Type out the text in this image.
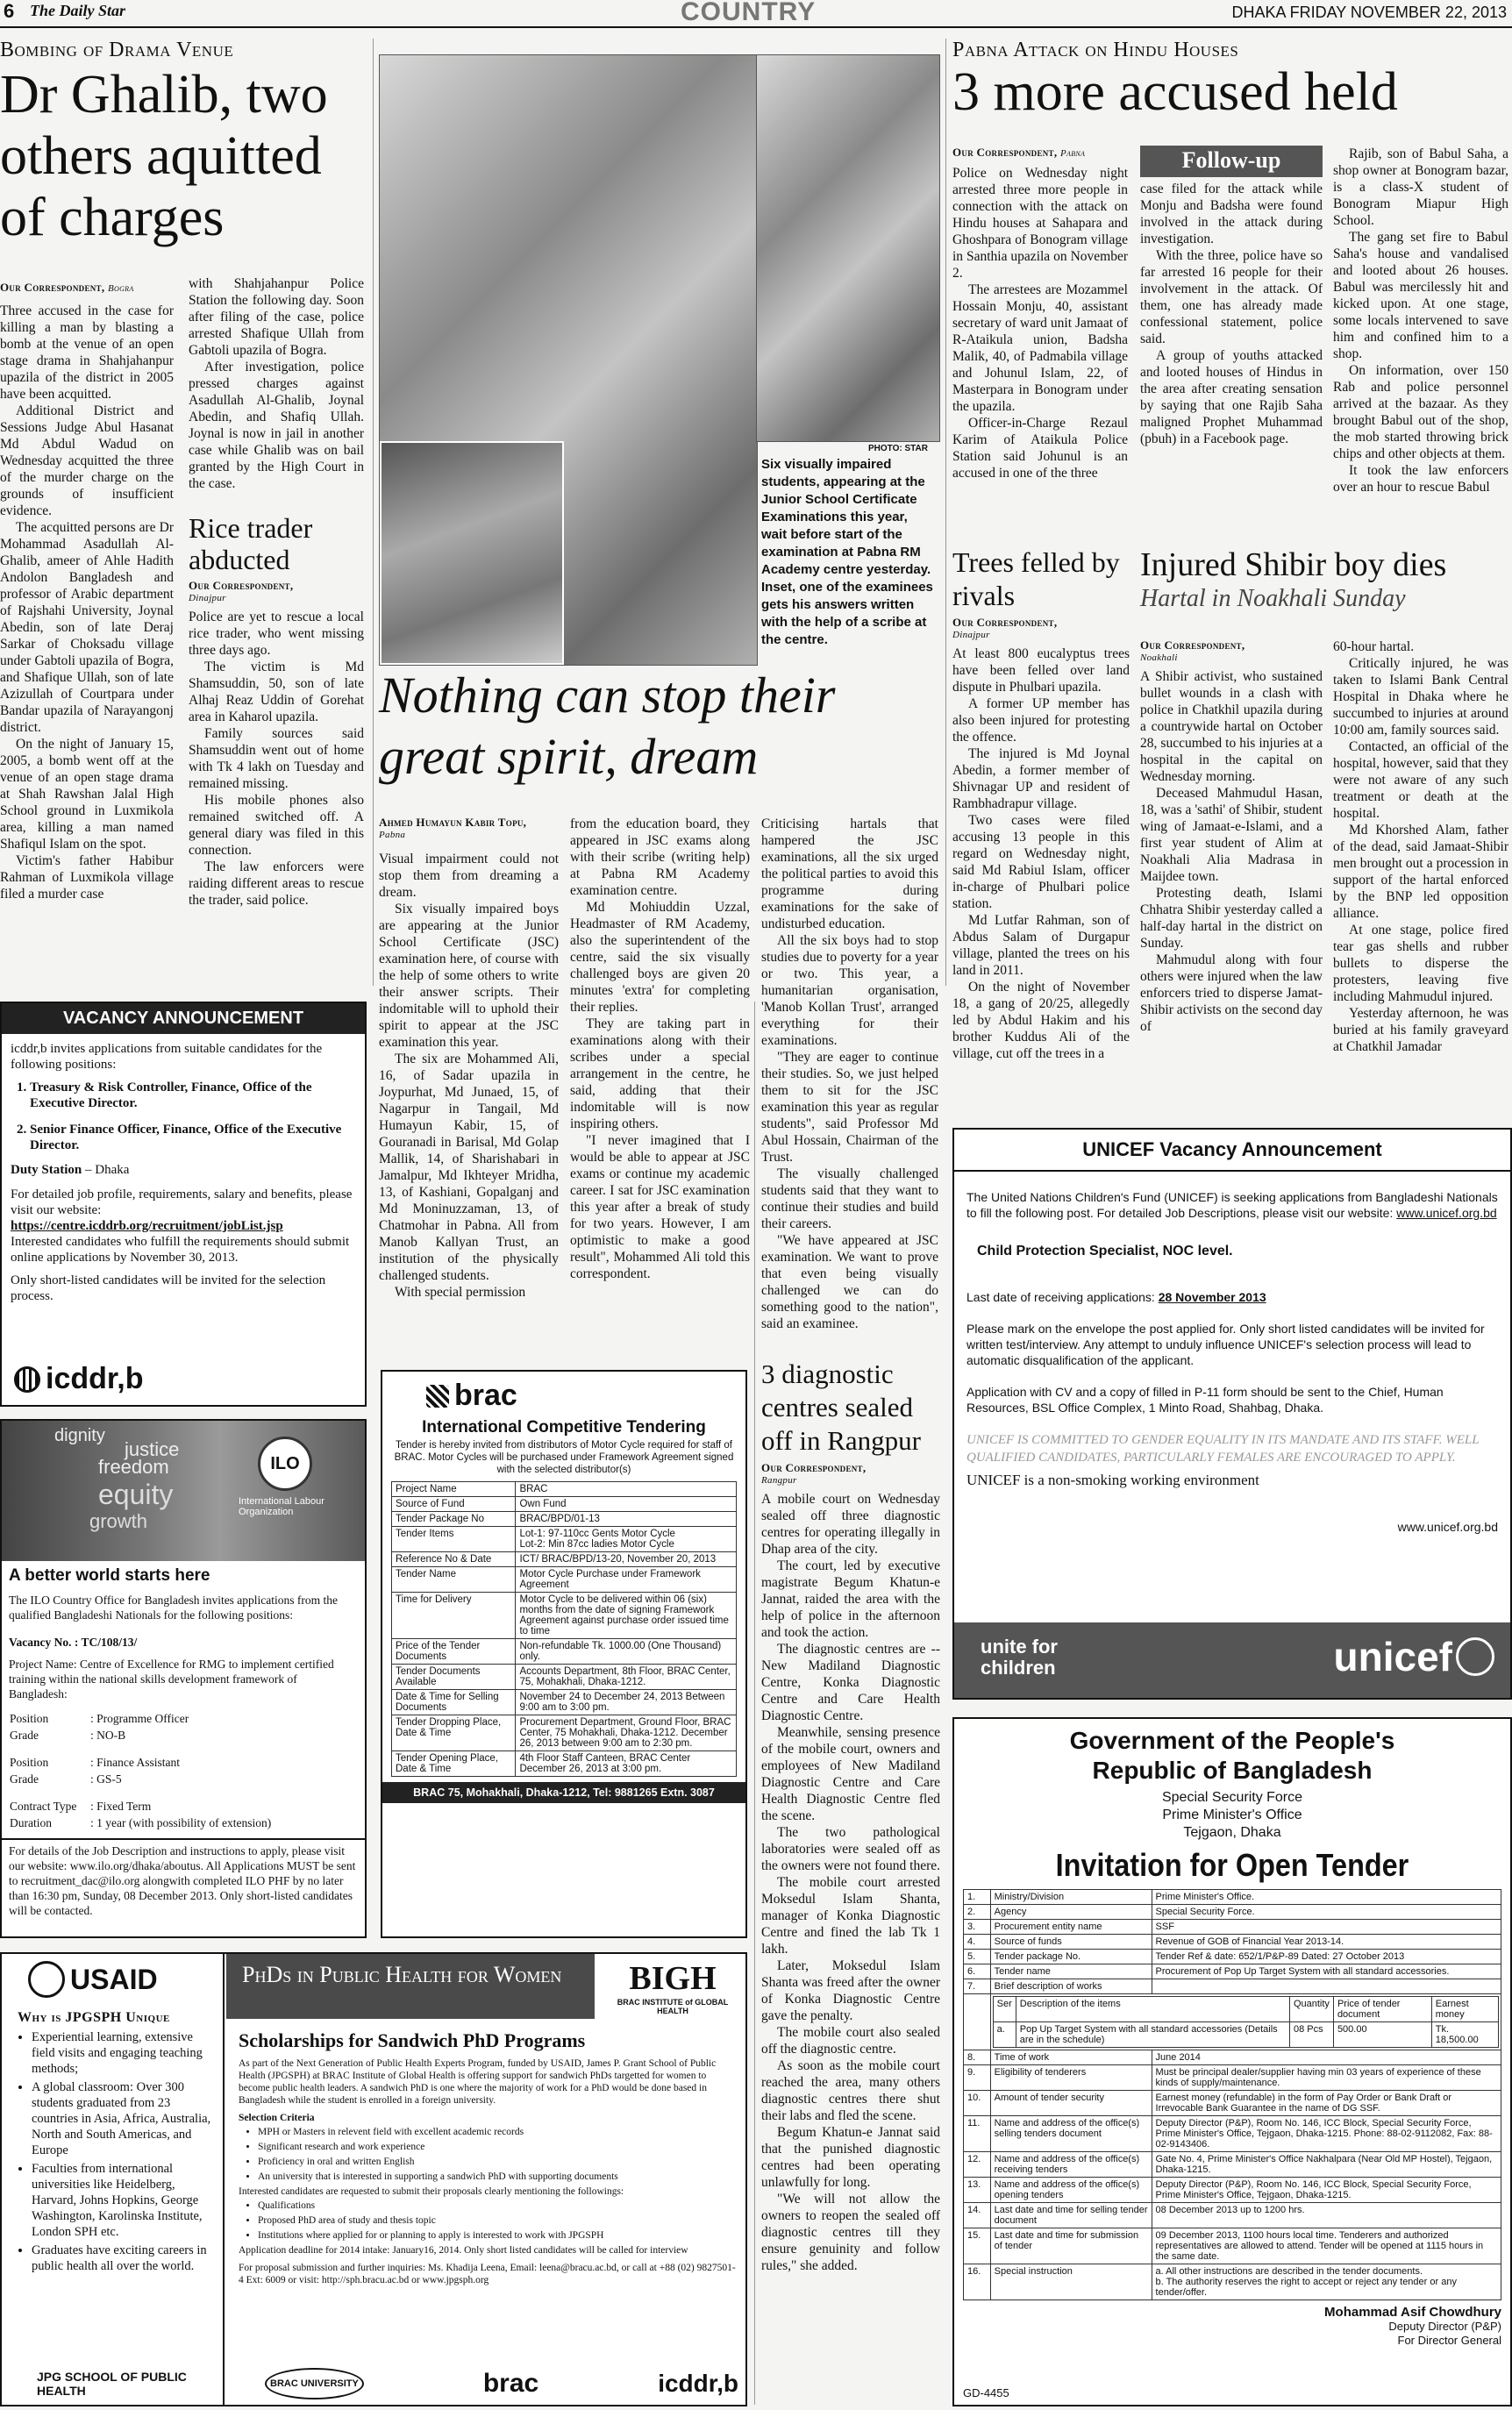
6 The Daily Star	COUNTRY	DHAKA FRIDAY NOVEMBER 22, 2013
Bombing of Drama Venue
Dr Ghalib, two others aquitted of charges
Our Correspondent, Bogra

Three accused in the case for killing a man by blasting a bomb at the venue of an open stage drama in Shahjahanpur upazila of the district in 2005 have been acquitted.

Additional District and Sessions Judge Abul Hasanat Md Abdul Wadud on Wednesday acquitted the three of the murder charge on the grounds of insufficient evidence.

The acquitted persons are Dr Mohammad Asadullah Al-Ghalib, ameer of Ahle Hadith Andolon Bangladesh and professor of Arabic department of Rajshahi University, Joynal Abedin, son of late Deraj Sarkar of Choksadu village under Gabtoli upazila of Bogra, and Shafique Ullah, son of late Azizullah of Courtpara under Bandar upazila of Narayangonj district.

On the night of January 15, 2005, a bomb went off at the venue of an open stage drama at Shah Rawshan Jalal High School ground in Luxmikola area, killing a man named Shafiqul Islam on the spot.

Victim's father Habibur Rahman of Luxmikola village filed a murder case

with Shahjahanpur Police Station the following day. Soon after filing of the case, police arrested Shafique Ullah from Gabtoli upazila of Bogra.

After investigation, police pressed charges against Asadullah Al-Ghalib, Joynal Abedin, and Shafiq Ullah. Joynal is now in jail in another case while Ghalib was on bail granted by the High Court in the case.

Rice trader abducted
Our Correspondent,
Dinajpur

Police are yet to rescue a local rice trader, who went missing three days ago.

The victim is Md Shamsuddin, 50, son of late Alhaj Reaz Uddin of Gorehat area in Kaharol upazila.

Family sources said Shamsuddin went out of home with Tk 4 lakh on Tuesday and remained missing.

His mobile phones also remained switched off. A general diary was filed in this connection.

The law enforcers were raiding different areas to rescue the trader, said police.

PHOTO: STAR
Six visually impaired students, appearing at the Junior School Certificate Examinations this year, wait before start of the examination at Pabna RM Academy centre yesterday. Inset, one of the examinees gets his answers written with the help of a scribe at the centre.
Nothing can stop their great spirit, dream
Ahmed Humayun Kabir Topu,
Pabna

Visual impairment could not stop them from dreaming a dream.

Six visually impaired boys are appearing at the Junior School Certificate (JSC) examination here, of course with the help of some others to write their answer scripts. Their indomitable will to uphold their spirit to appear at the JSC examination this year.

The six are Mohammed Ali, 16, of Sadar upazila in Joypurhat, Md Junaed, 15, of Nagarpur in Tangail, Md Humayun Kabir, 15, of Gouranadi in Barisal, Md Golap Mallik, 14, of Sharishabari in Jamalpur, Md Ikhteyer Mridha, 13, of Kashiani, Gopalganj and Md Moninuzzaman, 13, of Chatmohar in Pabna. All from Manob Kallyan Trust, an institution of the physically challenged students.

With special permission

from the education board, they appeared in JSC exams along with their scribe (writing help) at Pabna RM Academy examination centre.

Md Mohiuddin Uzzal, Headmaster of RM Academy, also the superintendent of the centre, said the six visually challenged boys are given 20 minutes 'extra' for completing their replies.

They are taking part in examinations along with their scribes under a special arrangement in the centre, he said, adding that their indomitable will is now inspiring others.

"I never imagined that I would be able to appear at JSC exams or continue my academic career. I sat for JSC examination this year after a break of study for two years. However, I am optimistic to make a good result", Mohammed Ali told this correspondent.

Criticising hartals that hampered the JSC examinations, all the six urged the political parties to avoid this programme during examinations for the sake of undisturbed education.

All the six boys had to stop studies due to poverty for a year or two. This year, a humanitarian organisation, 'Manob Kollan Trust', arranged everything for their examinations.

"They are eager to continue their studies. So, we just helped them to sit for the JSC examination this year as regular students", said Professor Md Abul Hossain, Chairman of the Trust.

The visually challenged students said that they want to continue their studies and build their careers.

"We have appeared at JSC examination. We want to prove that even being visually challenged we can do something good to the nation", said an examinee.

Pabna Attack on Hindu Houses
3 more accused held
Our Correspondent, Pabna

Police on Wednesday night arrested three more people in connection with the attack on Hindu houses at Sahapara and Ghoshpara of Bonogram village in Santhia upazila on November 2.

The arrestees are Mozammel Hossain Monju, 40, assistant secretary of ward unit Jamaat of R-Ataikula union, Badsha Malik, 40, of Padmabila village and Johunul Islam, 22, of Masterpara in Bonogram under the upazila.

Officer-in-Charge Rezaul Karim of Ataikula Police Station said Johunul is an accused in one of the three

Follow-up

case filed for the attack while Monju and Badsha were found involved in the attack during investigation.

With the three, police have so far arrested 16 people for their involvement in the attack. Of them, one has already made confessional statement, police said.

A group of youths attacked and looted houses of Hindus in the area after creating sensation by saying that one Rajib Saha maligned Prophet Muhammad (pbuh) in a Facebook page.

Rajib, son of Babul Saha, a shop owner at Bonogram bazar, is a class-X student of Bonogram Miapur High School.

The gang set fire to Babul Saha's house and vandalised and looted about 26 houses. Babul was mercilessly hit and kicked upon. At one stage, some locals intervened to save him and confined him to a shop.

On information, over 150 Rab and police personnel arrived at the bazaar. As they brought Babul out of the shop, the mob started throwing brick chips and other objects at them.

It took the law enforcers over an hour to rescue Babul

Trees felled by rivals
Our Correspondent,
Dinajpur

At least 800 eucalyptus trees have been felled over land dispute in Phulbari upazila.

A former UP member has also been injured for protesting the offence.

The injured is Md Joynal Abedin, a former member of Shivnagar UP and resident of Rambhadrapur village.

Two cases were filed accusing 13 people in this regard on Wednesday night, said Md Rabiul Islam, officer in-charge of Phulbari police station.

Md Lutfar Rahman, son of Abdus Salam of Durgapur village, planted the trees on his land in 2011.

On the night of November 18, a gang of 20/25, allegedly led by Abdul Hakim and his brother Kuddus Ali of the village, cut off the trees in a

Injured Shibir boy dies
Hartal in Noakhali Sunday
Our Correspondent,
Noakhali

A Shibir activist, who sustained bullet wounds in a clash with police in Chatkhil upazila during a countrywide hartal on October 28, succumbed to his injuries at a hospital in the capital on Wednesday morning.

Deceased Mahmudul Hasan, 18, was a 'sathi' of Shibir, student wing of Jamaat-e-Islami, and a first year student of Alim at Noakhali Alia Madrasa in Maijdee town.

Protesting death, Islami Chhatra Shibir yesterday called a half-day hartal in the district on Sunday.

Mahmudul along with four others were injured when the law enforcers tried to disperse Jamat-Shibir activists on the second day of

60-hour hartal.

Critically injured, he was taken to Islami Bank Central Hospital in Dhaka where he succumbed to injuries at around 10:00 am, family sources said.

Contacted, an official of the hospital, however, said that they were not aware of any such treatment or death at the hospital.

Md Khorshed Alam, father of the dead, said Jamaat-Shibir men brought out a procession in support of the hartal enforced by the BNP led opposition alliance.

At one stage, police fired tear gas shells and rubber bullets to disperse the protesters, leaving five including Mahmudul injured.

Yesterday afternoon, he was buried at his family graveyard at Chatkhil Jamadar

VACANCY ANNOUNCEMENT
icddr,b invites applications from suitable candidates for the following positions:
1. Treasury & Risk Controller, Finance, Office of the Executive Director.
2. Senior Finance Officer, Finance, Office of the Executive Director.
Duty Station – Dhaka
For detailed job profile, requirements, salary and benefits, please visit our website:
https://centre.icddrb.org/recruitment/jobList.jsp
Interested candidates who fulfill the requirements should submit online applications by November 30, 2013.
Only short-listed candidates will be invited for the selection process.
icddr,b
dignity
justice
freedom
equity
growth
ILO
International Labour Organization
A better world starts here
The ILO Country Office for Bangladesh invites applications from the qualified Bangladeshi Nationals for the following positions:
Vacancy No. : TC/108/13/
Project Name: Centre of Excellence for RMG to implement certified training within the national skills development framework of Bangladesh:
Position	: Programme Officer
Grade	: NO-B

Position	: Finance Assistant
Grade	: GS-5

Contract Type	: Fixed Term
Duration	: 1 year (with possibility of extension)
For details of the Job Description and instructions to apply, please visit our website: www.ilo.org/dhaka/aboutus. All Applications MUST be sent to recruitment_dac@ilo.org alongwith completed ILO PHF by no later than 16:30 pm, Sunday, 08 December 2013. Only short-listed candidates will be contacted.
brac
International Competitive Tendering
Tender is hereby invited from distributors of Motor Cycle required for staff of BRAC. Motor Cycles will be purchased under Framework Agreement signed with the selected distributor(s)
Project Name	BRAC
Source of Fund	Own Fund
Tender Package No	BRAC/BPD/01-13
Tender Items	Lot-1: 97-110cc Gents Motor Cycle
Lot-2: Min 87cc ladies Motor Cycle
Reference No & Date	ICT/ BRAC/BPD/13-20, November 20, 2013
Tender Name	Motor Cycle Purchase under Framework Agreement
Time for Delivery	Motor Cycle to be delivered within 06 (six) months from the date of signing Framework Agreement against purchase order issued time to time
Price of the Tender Documents	Non-refundable Tk. 1000.00 (One Thousand) only.
Tender Documents Available	Accounts Department, 8th Floor, BRAC Center, 75, Mohakhali, Dhaka-1212.
Date & Time for Selling Documents	November 24 to December 24, 2013 Between 9:00 am to 3:00 pm.
Tender Dropping Place, Date & Time	Procurement Department, Ground Floor, BRAC Center, 75 Mohakhali, Dhaka-1212. December 26, 2013 between 9:00 am to 2:30 pm.
Tender Opening Place, Date & Time	4th Floor Staff Canteen, BRAC Center December 26, 2013 at 3:00 pm.
BRAC 75, Mohakhali, Dhaka-1212, Tel: 9881265 Extn. 3087
3 diagnostic centres sealed off in Rangpur
Our Correspondent,
Rangpur

A mobile court on Wednesday sealed off three diagnostic centres for operating illegally in Dhap area of the city.

The court, led by executive magistrate Begum Khatun-e Jannat, raided the area with the help of police in the afternoon and took the action.

The diagnostic centres are -- New Madiland Diagnostic Centre, Konka Diagnostic Centre and Care Health Diagnostic Centre.

Meanwhile, sensing presence of the mobile court, owners and employees of New Madiland Diagnostic Centre and Care Health Diagnostic Centre fled the scene.

The two pathological laboratories were sealed off as the owners were not found there.

The mobile court arrested Moksedul Islam Shanta, manager of Konka Diagnostic Centre and fined the lab Tk 1 lakh.

Later, Moksedul Islam Shanta was freed after the owner of Konka Diagnostic Centre gave the penalty.

The mobile court also sealed off the diagnostic centre.

As soon as the mobile court reached the area, many others diagnostic centres there shut their labs and fled the scene.

Begum Khatun-e Jannat said that the punished diagnostic centres had been operating unlawfully for long.

"We will not allow the owners to reopen the sealed off diagnostic centres till they ensure genuinity and follow rules," she added.

UNICEF Vacancy Announcement
The United Nations Children's Fund (UNICEF) is seeking applications from Bangladeshi Nationals to fill the following post. For detailed Job Descriptions, please visit our website: www.unicef.org.bd
Child Protection Specialist, NOC level.
Last date of receiving applications: 28 November 2013
Please mark on the envelope the post applied for. Only short listed candidates will be invited for written test/interview. Any attempt to unduly influence UNICEF's selection process will lead to automatic disqualification of the applicant.
Application with CV and a copy of filled in P-11 form should be sent to the Chief, Human Resources, BSL Office Complex, 1 Minto Road, Shahbag, Dhaka.
UNICEF IS COMMITTED TO GENDER EQUALITY IN ITS MANDATE AND ITS STAFF. WELL QUALIFIED CANDIDATES, PARTICULARLY FEMALES ARE ENCOURAGED TO APPLY.
UNICEF is a non-smoking working environment
www.unicef.org.bd
unite for children	unicef
Government of the People's
Republic of Bangladesh
Special Security Force
Prime Minister's Office
Tejgaon, Dhaka
Invitation for Open Tender
1.	Ministry/Division	Prime Minister's Office.
2.	Agency	Special Security Force.
3.	Procurement entity name	SSF
4.	Source of funds	Revenue of GOB of Financial Year 2013-14.
5.	Tender package No.	Tender Ref & date: 652/1/P&P-89 Dated: 27 October 2013
6.	Tender name	Procurement of Pop Up Target System with all standard accessories.
7.	Brief description of works	

Ser	Description of the items	Quantity	Price of tender document	Earnest money
a.	Pop Up Target System with all standard accessories (Details are in the schedule)	08 Pcs	500.00	Tk. 18,500.00

8.	Time of work	June 2014
9.	Eligibility of tenderers	Must be principal dealer/supplier having min 03 years of experience of these kinds of supply/maintenance.
10.	Amount of tender security	Earnest money (refundable) in the form of Pay Order or Bank Draft or Irrevocable Bank Guarantee in the name of DG SSF.
11.	Name and address of the office(s) selling tenders document	Deputy Director (P&P), Room No. 146, ICC Block, Special Security Force, Prime Minister's Office, Tejgaon, Dhaka-1215. Phone: 88-02-9112082, Fax: 88-02-9143406.
12.	Name and address of the office(s) receiving tenders	Gate No. 4, Prime Minister's Office Nakhalpara (Near Old MP Hostel), Tejgaon, Dhaka-1215.
13.	Name and address of the office(s) opening tenders	Deputy Director (P&P), Room No. 146, ICC Block, Special Security Force, Prime Minister's Office, Tejgaon, Dhaka-1215.
14.	Last date and time for selling tender document	08 December 2013 up to 1200 hrs.
15.	Last date and time for submission of tender	09 December 2013, 1100 hours local time. Tenderers and authorized representatives are allowed to attend. Tender will be opened at 1115 hours in the same date.
16.	Special instruction	a. All other instructions are described in the tender documents.
b. The authority reserves the right to accept or reject any tender or any tender/offer.
Mohammad Asif Chowdhury
Deputy Director (P&P)
For Director General
GD-4455
USAID
Why is JPGSPH Unique
• Experiential learning, extensive field visits and engaging teaching methods;
• A global classroom: Over 300 students graduated from 23 countries in Asia, Africa, Australia, North and South Americas, and Europe
• Faculties from international universities like Heidelberg, Harvard, Johns Hopkins, George Washington, Karolinska Institute, London SPH etc.
• Graduates have exciting careers in public health all over the world.
JPG SCHOOL OF PUBLIC HEALTH
PhDs in Public Health for Women	BIGH
BRAC INSTITUTE of GLOBAL HEALTH
Scholarships for Sandwich PhD Programs
As part of the Next Generation of Public Health Experts Program, funded by USAID, James P. Grant School of Public Health (JPGSPH) at BRAC Institute of Global Health is offering support for sandwich PhDs targetted for women to become public health leaders. A sandwich PhD is one where the majority of work for a PhD would be done based in Bangladesh while the student is enrolled in a foreign university.
Selection Criteria
• MPH or Masters in relevent field with excellent academic records
• Significant research and work experience
• Proficiency in oral and written English
• An university that is interested in supporting a sandwich PhD with supporting documents
Interested candidates are requested to submit their proposals clearly mentioning the followings:
• Qualifications
• Proposed PhD area of study and thesis topic
• Institutions where applied for or planning to apply is interested to work with JPGSPH
Application deadline for 2014 intake: January16, 2014. Only short listed candidates will be called for interview
For proposal submission and further inquiries: Ms. Khadija Leena, Email: leena@bracu.ac.bd, or call at +88 (02) 9827501-4 Ext: 6009 or visit: http://sph.bracu.ac.bd or www.jpgsph.org
BRAC UNIVERSITY	brac	icddr,b
